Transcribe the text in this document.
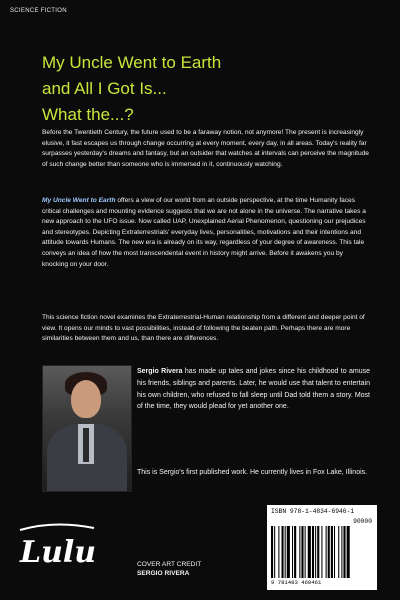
SCIENCE FICTION
My Uncle Went to Earth
and All I Got Is...
What the...?
Before the Twentieth Century, the future used to be a faraway notion, not anymore! The present is increasingly elusive, it fast escapes us through change occurring at every moment, every day, in all areas. Today's reality far surpasses yesterday's dreams and fantasy, but an outsider that watches at intervals can perceive the magnitude of such change better than someone who is immersed in it, continuously watching.
My Uncle Went to Earth offers a view of our world from an outside perspective, at the time Humanity faces critical challenges and mounting evidence suggests that we are not alone in the universe. The narrative takes a new approach to the UFO issue. Now called UAP, Unexplained Aerial Phenomenon, questioning our prejudices and stereotypes. Depicting Extraterrestrials' everyday lives, personalities, motivations and their intentions and attitude towards Humans. The new era is already on its way, regardless of your degree of awareness. This tale conveys an idea of how the most transcendental event in history might arrive. Before it awakens you by knocking on your door.
This science fiction novel examines the Extraterrestrial-Human relationship from a different and deeper point of view. It opens our minds to vast possibilities, instead of following the beaten path. Perhaps there are more similarities between them and us, than there are differences.
Sergio Rivera has made up tales and jokes since his childhood to amuse his friends, siblings and parents. Later, he would use that talent to entertain his own children, who refused to fall sleep until Dad told them a story. Most of the time, they would plead for yet another one.
This is Sergio's first published work. He currently lives in Fox Lake, Illinois.
Lulu	COVER ART CREDIT
SERGIO RIVERA
ISBN 978-1-4834-6946-1
90000
9 781483 469461
